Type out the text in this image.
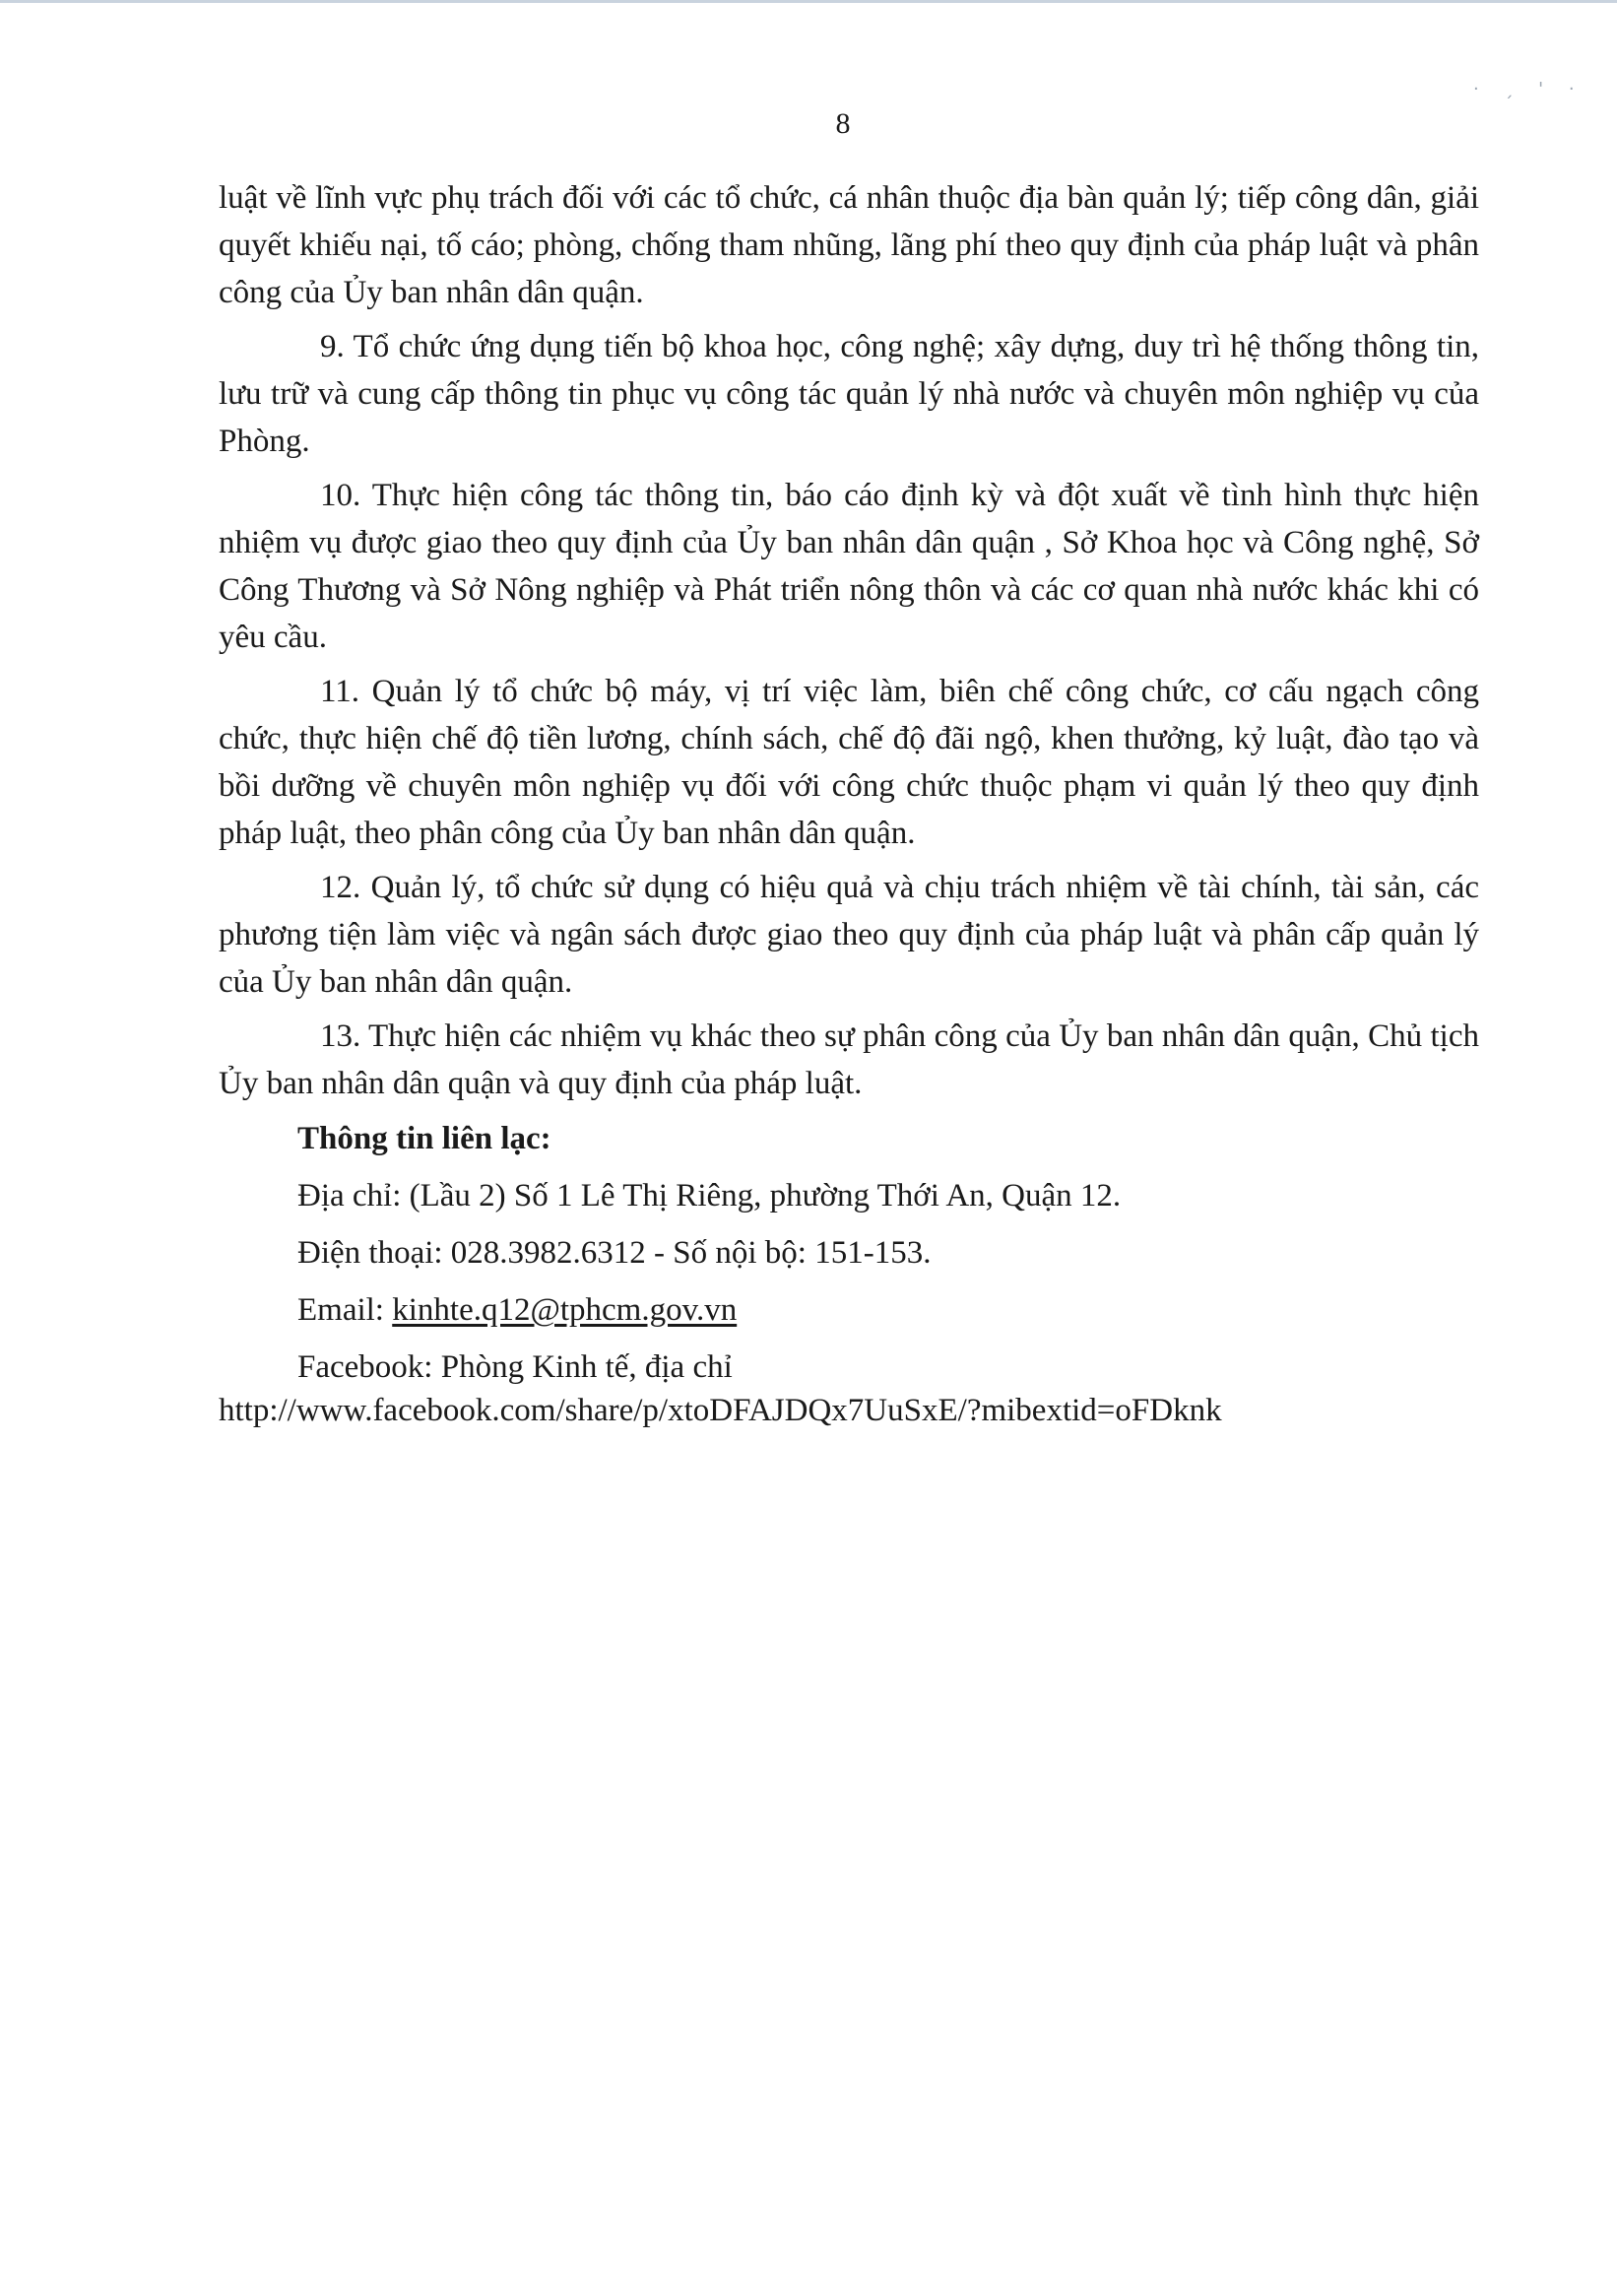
· ˏ ꞌ ·
8

luật về lĩnh vực phụ trách đối với các tổ chức, cá nhân thuộc địa bàn quản lý; tiếp công dân, giải quyết khiếu nại, tố cáo; phòng, chống tham nhũng, lãng phí theo quy định của pháp luật và phân công của Ủy ban nhân dân quận.

9. Tổ chức ứng dụng tiến bộ khoa học, công nghệ; xây dựng, duy trì hệ thống thông tin, lưu trữ và cung cấp thông tin phục vụ công tác quản lý nhà nước và chuyên môn nghiệp vụ của Phòng.

10. Thực hiện công tác thông tin, báo cáo định kỳ và đột xuất về tình hình thực hiện nhiệm vụ được giao theo quy định của Ủy ban nhân dân quận , Sở Khoa học và Công nghệ, Sở Công Thương và Sở Nông nghiệp và Phát triển nông thôn và các cơ quan nhà nước khác khi có yêu cầu.

11. Quản lý tổ chức bộ máy, vị trí việc làm, biên chế công chức, cơ cấu ngạch công chức, thực hiện chế độ tiền lương, chính sách, chế độ đãi ngộ, khen thưởng, kỷ luật, đào tạo và bồi dưỡng về chuyên môn nghiệp vụ đối với công chức thuộc phạm vi quản lý theo quy định pháp luật, theo phân công của Ủy ban nhân dân quận.

12. Quản lý, tổ chức sử dụng có hiệu quả và chịu trách nhiệm về tài chính, tài sản, các phương tiện làm việc và ngân sách được giao theo quy định của pháp luật và phân cấp quản lý của Ủy ban nhân dân quận.

13. Thực hiện các nhiệm vụ khác theo sự phân công của Ủy ban nhân dân quận, Chủ tịch Ủy ban nhân dân quận và quy định của pháp luật.

Thông tin liên lạc:
Địa chỉ: (Lầu 2) Số 1 Lê Thị Riêng, phường Thới An, Quận 12.
Điện thoại: 028.3982.6312 - Số nội bộ: 151-153.
Email: kinhte.q12@tphcm.gov.vn
Facebook: Phòng Kinh tế, địa chỉ
http://www.facebook.com/share/p/xtoDFAJDQx7UuSxE/?mibextid=oFDknk
